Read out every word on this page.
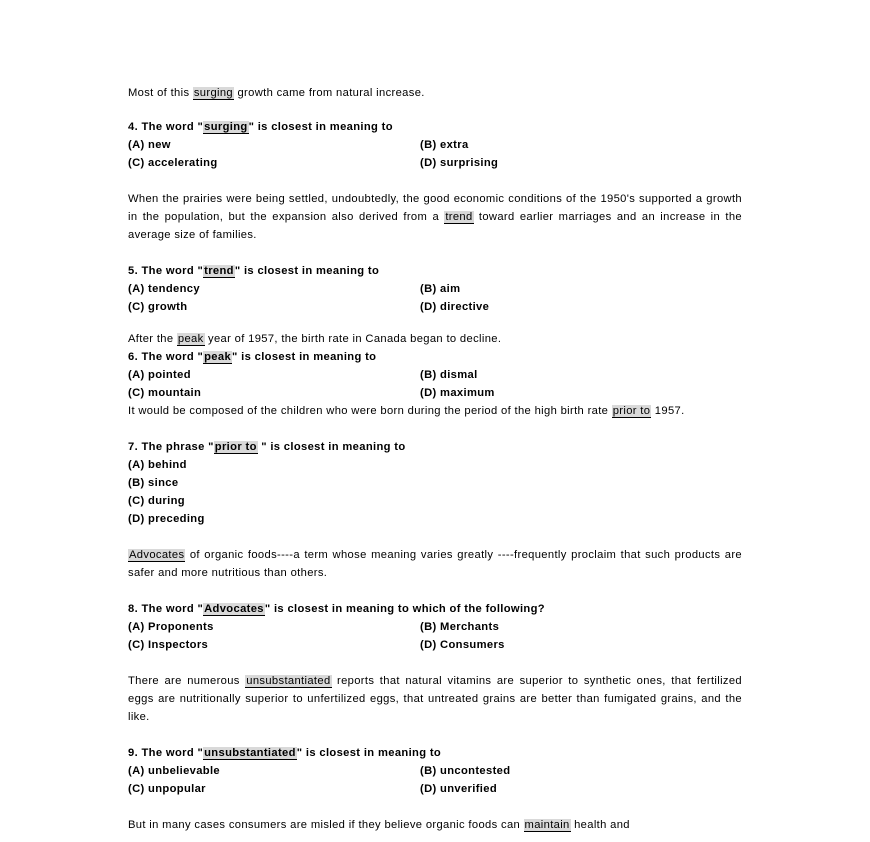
Most of this surging growth came from natural increase.
4. The word "surging" is closest in meaning to
(A) new	(B) extra
(C) accelerating	(D) surprising
When the prairies were being settled, undoubtedly, the good economic conditions of the 1950's supported a growth in the population, but the expansion also derived from a trend toward earlier marriages and an increase in the average size of families.
5. The word "trend" is closest in meaning to
(A) tendency	(B) aim
(C) growth	(D) directive
After the peak year of 1957, the birth rate in Canada began to decline.
6. The word "peak" is closest in meaning to
(A) pointed	(B) dismal
(C) mountain	(D) maximum
It would be composed of the children who were born during the period of the high birth rate prior to 1957.
7. The phrase "prior to " is closest in meaning to
(A) behind
(B) since
(C) during
(D) preceding
Advocates of organic foods----a term whose meaning varies greatly ----frequently proclaim that such products are safer and more nutritious than others.
8. The word "Advocates" is closest in meaning to which of the following?
(A) Proponents	(B) Merchants
(C) Inspectors	(D) Consumers
There are numerous unsubstantiated reports that natural vitamins are superior to synthetic ones, that fertilized eggs are nutritionally superior to unfertilized eggs, that untreated grains are better than fumigated grains, and the like.
9. The word "unsubstantiated" is closest in meaning to
(A) unbelievable	(B) uncontested
(C) unpopular	(D) unverified
But in many cases consumers are misled if they believe organic foods can maintain health and
